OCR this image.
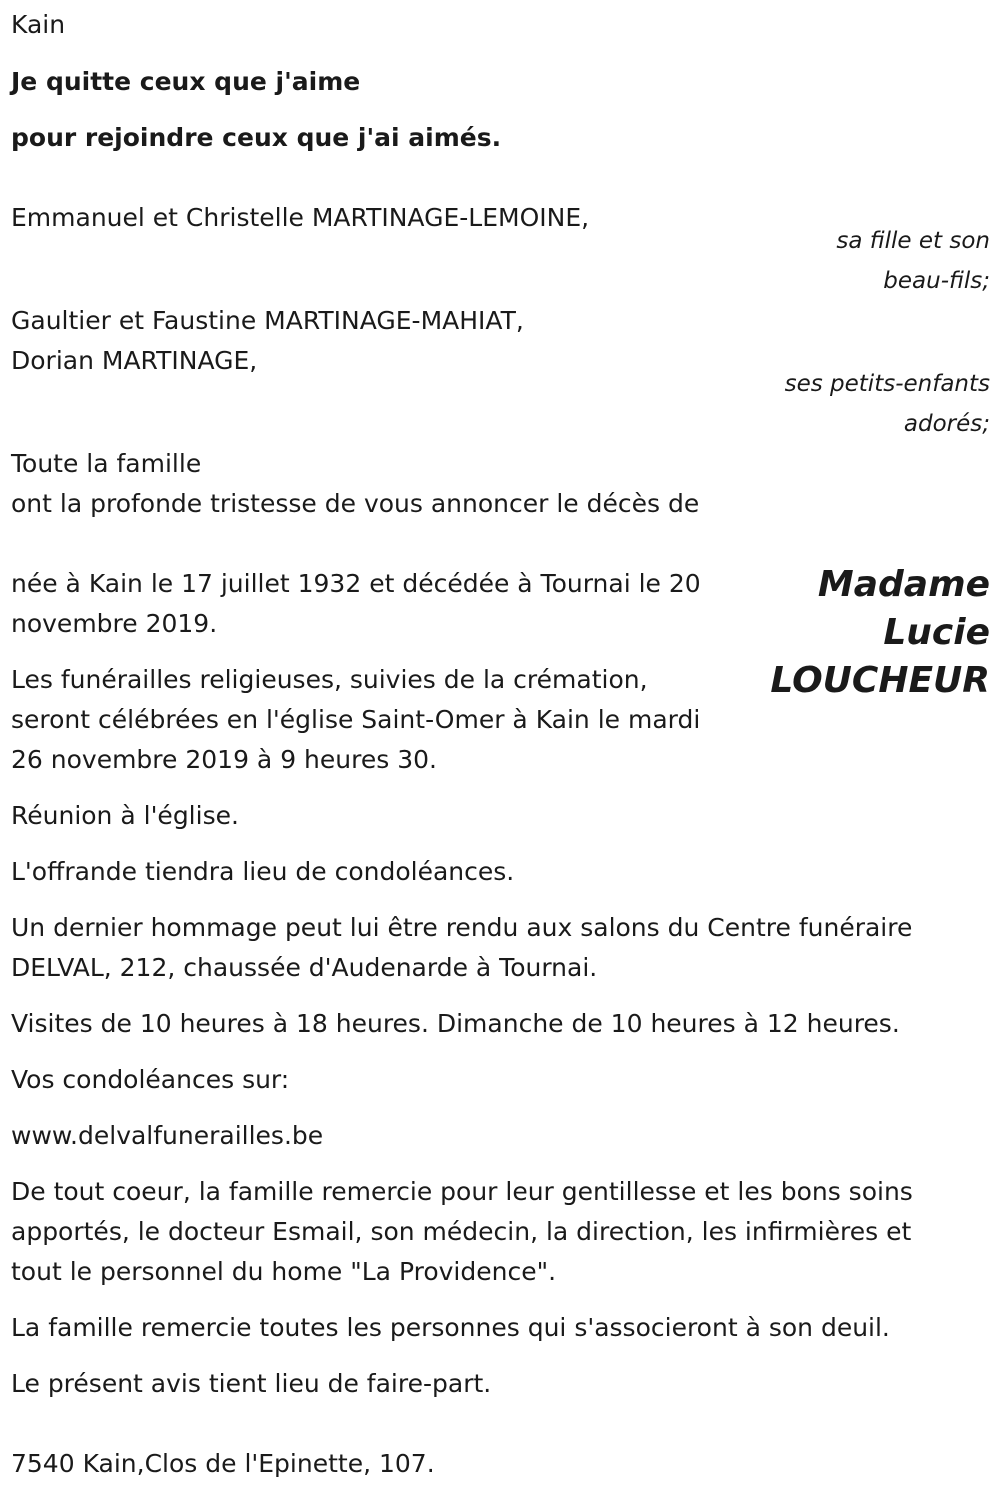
Kain
Je quitte ceux que j'aime
pour rejoindre ceux que j'ai aimés.
Emmanuel et Christelle MARTINAGE-LEMOINE,
sa fille et son
beau-fils;
Gaultier et Faustine MARTINAGE-MAHIAT,
Dorian MARTINAGE,
ses petits-enfants
adorés;
Toute la famille
ont la profonde tristesse de vous annoncer le décès de
Madame
Lucie
LOUCHEUR
née à Kain le 17 juillet 1932 et décédée à Tournai le 20
novembre 2019.
Les funérailles religieuses, suivies de la crémation,
seront célébrées en l'église Saint-Omer à Kain le mardi
26 novembre 2019 à 9 heures 30.
Réunion à l'église.
L'offrande tiendra lieu de condoléances.
Un dernier hommage peut lui être rendu aux salons du Centre funéraire
DELVAL, 212, chaussée d'Audenarde à Tournai.
Visites de 10 heures à 18 heures. Dimanche de 10 heures à 12 heures.
Vos condoléances sur:
www.delvalfunerailles.be
De tout coeur, la famille remercie pour leur gentillesse et les bons soins
apportés, le docteur Esmail, son médecin, la direction, les infirmières et
tout le personnel du home "La Providence".
La famille remercie toutes les personnes qui s'associeront à son deuil.
Le présent avis tient lieu de faire-part.
7540 Kain,Clos de l'Epinette, 107.
